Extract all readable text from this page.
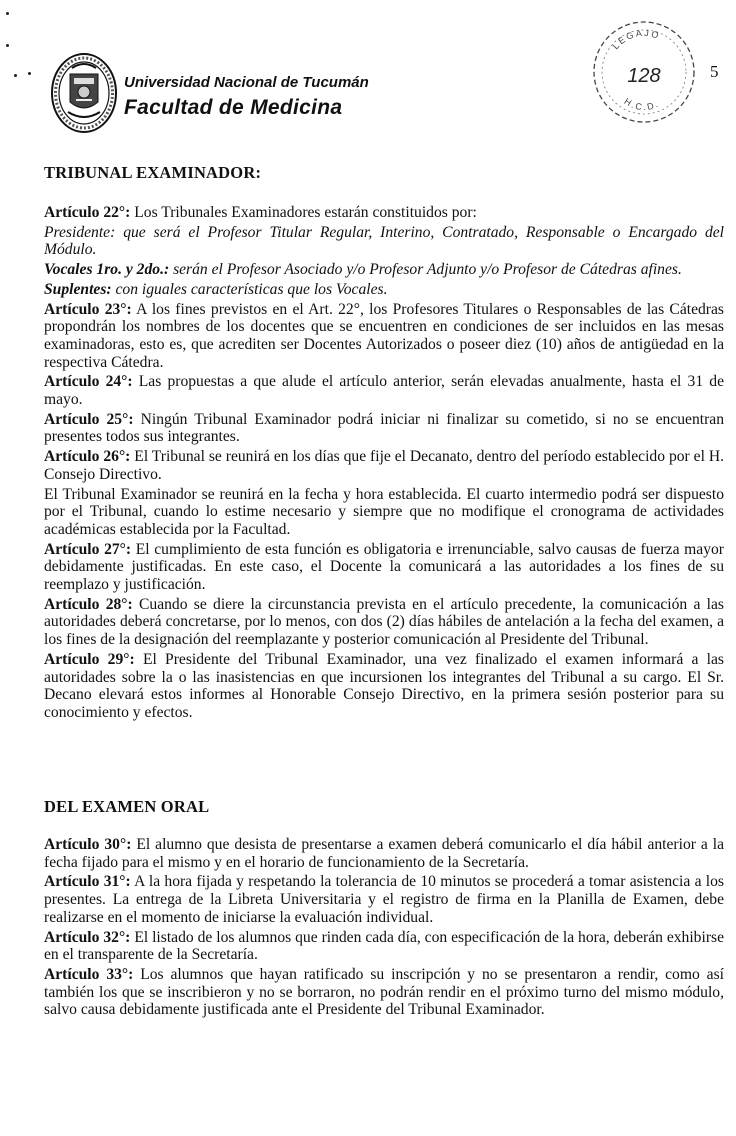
Universidad Nacional de Tucumán
Facultad de Medicina
LEGAJO
H.C.D.
128	5
TRIBUNAL EXAMINADOR:

Artículo 22°: Los Tribunales Examinadores estarán constituidos por:

Presidente: que será el Profesor Titular Regular, Interino, Contratado, Responsable o Encargado del Módulo.

Vocales 1ro. y 2do.: serán el Profesor Asociado y/o Profesor Adjunto y/o Profesor de Cátedras afines.

Suplentes: con iguales características que los Vocales.

Artículo 23°: A los fines previstos en el Art. 22°, los Profesores Titulares o Responsables de las Cátedras propondrán los nombres de los docentes que se encuentren en condiciones de ser incluidos en las mesas examinadoras, esto es, que acrediten ser Docentes Autorizados o poseer diez (10) años de antigüedad en la respectiva Cátedra.

Artículo 24°: Las propuestas a que alude el artículo anterior, serán elevadas anualmente, hasta el 31 de mayo.

Artículo 25°: Ningún Tribunal Examinador podrá iniciar ni finalizar su cometido, si no se encuentran presentes todos sus integrantes.

Artículo 26°: El Tribunal se reunirá en los días que fije el Decanato, dentro del período establecido por el H. Consejo Directivo.

El Tribunal Examinador se reunirá en la fecha y hora establecida. El cuarto intermedio podrá ser dispuesto por el Tribunal, cuando lo estime necesario y siempre que no modifique el cronograma de actividades académicas establecida por la Facultad.

Artículo 27°: El cumplimiento de esta función es obligatoria e irrenunciable, salvo causas de fuerza mayor debidamente justificadas. En este caso, el Docente la comunicará a las autoridades a los fines de su reemplazo y justificación.

Artículo 28°: Cuando se diere la circunstancia prevista en el artículo precedente, la comunicación a las autoridades deberá concretarse, por lo menos, con dos (2) días hábiles de antelación a la fecha del examen, a los fines de la designación del reemplazante y posterior comunicación al Presidente del Tribunal.

Artículo 29°: El Presidente del Tribunal Examinador, una vez finalizado el examen informará a las autoridades sobre la o las inasistencias en que incursionen los integrantes del Tribunal a su cargo. El Sr. Decano elevará estos informes al Honorable Consejo Directivo, en la primera sesión posterior para su conocimiento y efectos.

DEL EXAMEN ORAL

Artículo 30°: El alumno que desista de presentarse a examen deberá comunicarlo el día hábil anterior a la fecha fijado para el mismo y en el horario de funcionamiento de la Secretaría.

Artículo 31°: A la hora fijada y respetando la tolerancia de 10 minutos se procederá a tomar asistencia a los presentes. La entrega de la Libreta Universitaria y el registro de firma en la Planilla de Examen, debe realizarse en el momento de iniciarse la evaluación individual.

Artículo 32°: El listado de los alumnos que rinden cada día, con especificación de la hora, deberán exhibirse en el transparente de la Secretaría.

Artículo 33°: Los alumnos que hayan ratificado su inscripción y no se presentaron a rendir, como así también los que se inscribieron y no se borraron, no podrán rendir en el próximo turno del mismo módulo, salvo causa debidamente justificada ante el Presidente del Tribunal Examinador.
